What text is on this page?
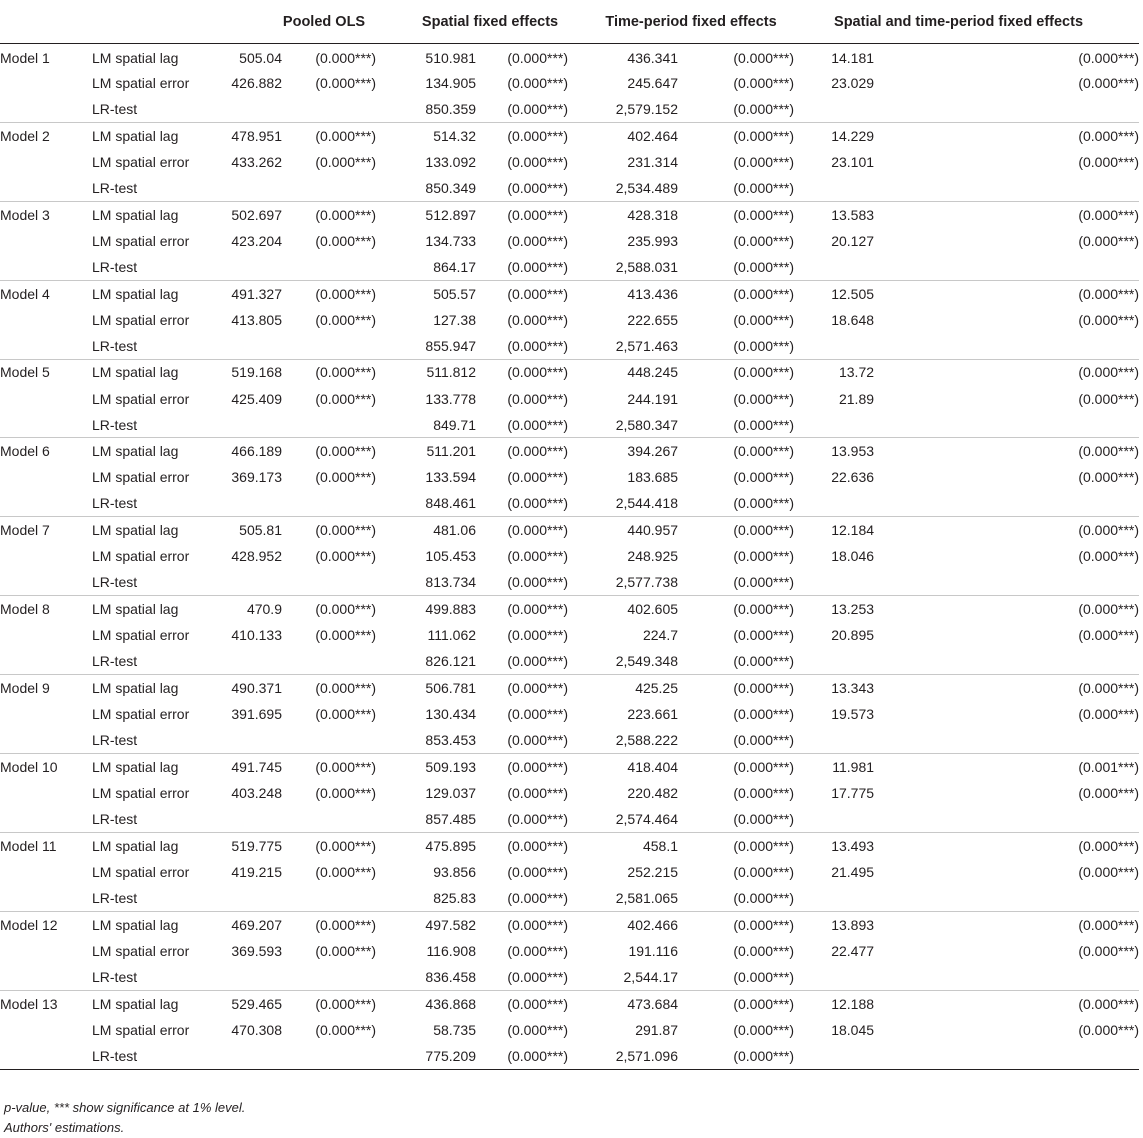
		Pooled OLS		Spatial fixed effects		Time-period fixed effects		Spatial and time-period fixed effects	
Model 1	LM spatial lag	505.04	(0.000***)	510.981	(0.000***)	436.341	(0.000***)	14.181	(0.000***)
	LM spatial error	426.882	(0.000***)	134.905	(0.000***)	245.647	(0.000***)	23.029	(0.000***)
	LR-test			850.359	(0.000***)	2,579.152	(0.000***)		
Model 2	LM spatial lag	478.951	(0.000***)	514.32	(0.000***)	402.464	(0.000***)	14.229	(0.000***)
	LM spatial error	433.262	(0.000***)	133.092	(0.000***)	231.314	(0.000***)	23.101	(0.000***)
	LR-test			850.349	(0.000***)	2,534.489	(0.000***)		
Model 3	LM spatial lag	502.697	(0.000***)	512.897	(0.000***)	428.318	(0.000***)	13.583	(0.000***)
	LM spatial error	423.204	(0.000***)	134.733	(0.000***)	235.993	(0.000***)	20.127	(0.000***)
	LR-test			864.17	(0.000***)	2,588.031	(0.000***)		
Model 4	LM spatial lag	491.327	(0.000***)	505.57	(0.000***)	413.436	(0.000***)	12.505	(0.000***)
	LM spatial error	413.805	(0.000***)	127.38	(0.000***)	222.655	(0.000***)	18.648	(0.000***)
	LR-test			855.947	(0.000***)	2,571.463	(0.000***)		
Model 5	LM spatial lag	519.168	(0.000***)	511.812	(0.000***)	448.245	(0.000***)	13.72	(0.000***)
	LM spatial error	425.409	(0.000***)	133.778	(0.000***)	244.191	(0.000***)	21.89	(0.000***)
	LR-test			849.71	(0.000***)	2,580.347	(0.000***)		
Model 6	LM spatial lag	466.189	(0.000***)	511.201	(0.000***)	394.267	(0.000***)	13.953	(0.000***)
	LM spatial error	369.173	(0.000***)	133.594	(0.000***)	183.685	(0.000***)	22.636	(0.000***)
	LR-test			848.461	(0.000***)	2,544.418	(0.000***)		
Model 7	LM spatial lag	505.81	(0.000***)	481.06	(0.000***)	440.957	(0.000***)	12.184	(0.000***)
	LM spatial error	428.952	(0.000***)	105.453	(0.000***)	248.925	(0.000***)	18.046	(0.000***)
	LR-test			813.734	(0.000***)	2,577.738	(0.000***)		
Model 8	LM spatial lag	470.9	(0.000***)	499.883	(0.000***)	402.605	(0.000***)	13.253	(0.000***)
	LM spatial error	410.133	(0.000***)	111.062	(0.000***)	224.7	(0.000***)	20.895	(0.000***)
	LR-test			826.121	(0.000***)	2,549.348	(0.000***)		
Model 9	LM spatial lag	490.371	(0.000***)	506.781	(0.000***)	425.25	(0.000***)	13.343	(0.000***)
	LM spatial error	391.695	(0.000***)	130.434	(0.000***)	223.661	(0.000***)	19.573	(0.000***)
	LR-test			853.453	(0.000***)	2,588.222	(0.000***)		
Model 10	LM spatial lag	491.745	(0.000***)	509.193	(0.000***)	418.404	(0.000***)	11.981	(0.001***)
	LM spatial error	403.248	(0.000***)	129.037	(0.000***)	220.482	(0.000***)	17.775	(0.000***)
	LR-test			857.485	(0.000***)	2,574.464	(0.000***)		
Model 11	LM spatial lag	519.775	(0.000***)	475.895	(0.000***)	458.1	(0.000***)	13.493	(0.000***)
	LM spatial error	419.215	(0.000***)	93.856	(0.000***)	252.215	(0.000***)	21.495	(0.000***)
	LR-test			825.83	(0.000***)	2,581.065	(0.000***)		
Model 12	LM spatial lag	469.207	(0.000***)	497.582	(0.000***)	402.466	(0.000***)	13.893	(0.000***)
	LM spatial error	369.593	(0.000***)	116.908	(0.000***)	191.116	(0.000***)	22.477	(0.000***)
	LR-test			836.458	(0.000***)	2,544.17	(0.000***)		
Model 13	LM spatial lag	529.465	(0.000***)	436.868	(0.000***)	473.684	(0.000***)	12.188	(0.000***)
	LM spatial error	470.308	(0.000***)	58.735	(0.000***)	291.87	(0.000***)	18.045	(0.000***)
	LR-test			775.209	(0.000***)	2,571.096	(0.000***)		
p-value, *** show significance at 1% level.
Authors' estimations.
